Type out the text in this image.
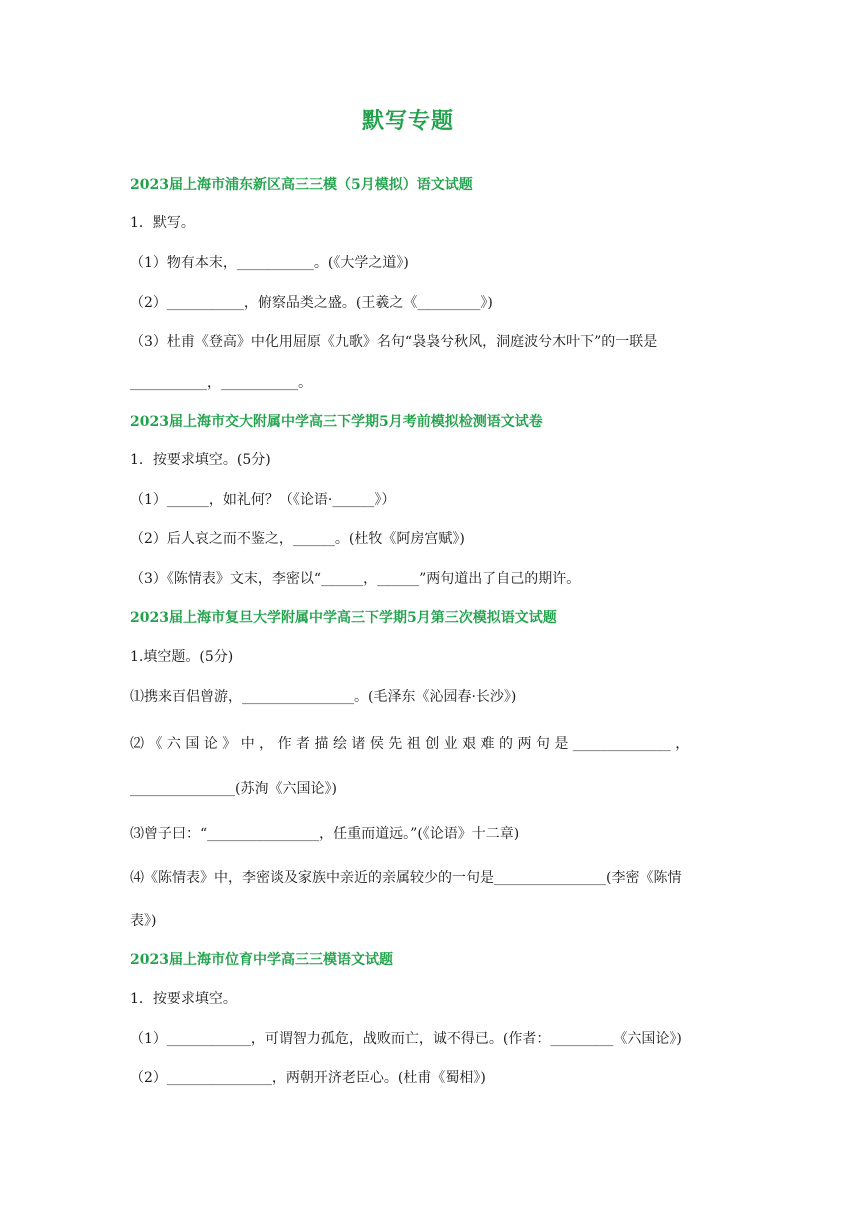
默写专题
2023届上海市浦东新区高三三模（5月模拟）语文试题
1．默写。
（1）物有本末，___________。(《大学之道》)
（2）___________，俯察品类之盛。(王羲之《_________》)
（3）杜甫《登高》中化用屈原《九歌》名句“袅袅兮秋风，洞庭波兮木叶下”的一联是
___________，___________。
2023届上海市交大附属中学高三下学期5月考前模拟检测语文试卷
1．按要求填空。(5分)
（1）______，如礼何？（《论语·______》）
（2）后人哀之而不鉴之，______。(杜牧《阿房宫赋》)
（3）《陈情表》文末，李密以“______，______”两句道出了自己的期许。
2023届上海市复旦大学附属中学高三下学期5月第三次模拟语文试题
1.填空题。(5分)
⑴携来百侣曾游，________________。(毛泽东《沁园春·长沙》)
⑵ 《 六 国 论 》 中 ， 作 者 描 绘 诸 侯 先 祖 创 业 艰 难 的 两 句 是 ______________ ，
_______________(苏洵《六国论》)
⑶曾子曰：“________________，任重而道远。”(《论语》十二章)
⑷《陈情表》中，李密谈及家族中亲近的亲属较少的一句是________________(李密《陈情
表》)
2023届上海市位育中学高三三模语文试题
1．按要求填空。
（1）____________，可谓智力孤危，战败而亡，诚不得已。(作者：_________《六国论》)
（2）_______________，两朝开济老臣心。(杜甫《蜀相》)
